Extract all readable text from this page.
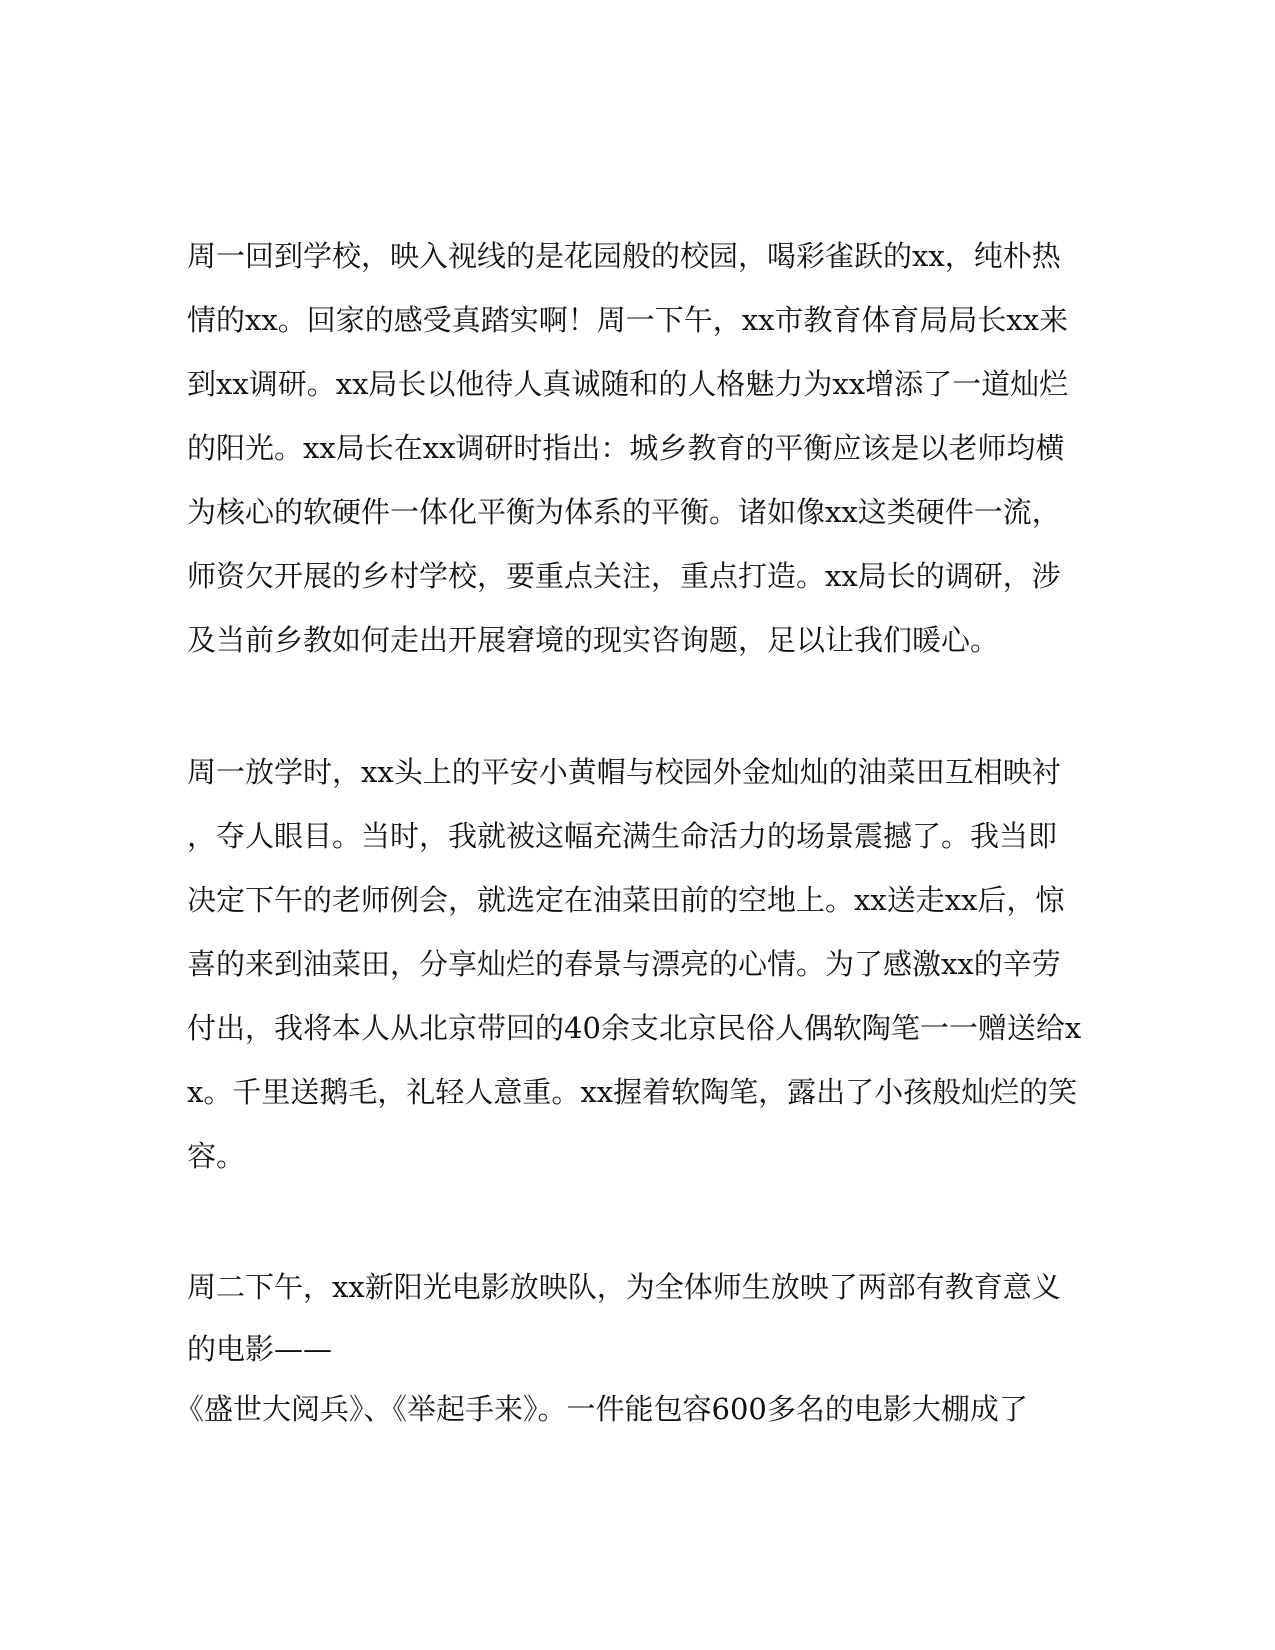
周一回到学校，映入视线的是花园般的校园，喝彩雀跃的xx，纯朴热
情的xx。回家的感受真踏实啊！周一下午，xx市教育体育局局长xx来
到xx调研。xx局长以他待人真诚随和的人格魅力为xx增添了一道灿烂
的阳光。xx局长在xx调研时指出：城乡教育的平衡应该是以老师均横
为核心的软硬件一体化平衡为体系的平衡。诸如像xx这类硬件一流，
师资欠开展的乡村学校，要重点关注，重点打造。xx局长的调研，涉
及当前乡教如何走出开展窘境的现实咨询题，足以让我们暖心。
周一放学时，xx头上的平安小黄帽与校园外金灿灿的油菜田互相映衬
，夺人眼目。当时，我就被这幅充满生命活力的场景震撼了。我当即
决定下午的老师例会，就选定在油菜田前的空地上。xx送走xx后，惊
喜的来到油菜田，分享灿烂的春景与漂亮的心情。为了感激xx的辛劳
付出，我将本人从北京带回的40余支北京民俗人偶软陶笔一一赠送给x
x。千里送鹅毛，礼轻人意重。xx握着软陶笔，露出了小孩般灿烂的笑
容。
周二下午，xx新阳光电影放映队，为全体师生放映了两部有教育意义
的电影——
《盛世大阅兵》、《举起手来》。一件能包容600多名的电影大棚成了
